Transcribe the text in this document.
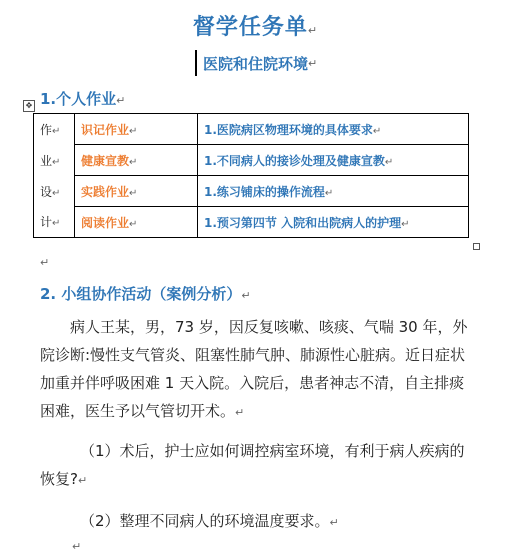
督学任务单↵
医院和住院环境 ↵
✥ 1.个人作业↵
作↵	识记作业↵	1.医院病区物理环境的具体要求↵
业↵	健康宣教↵	1.不同病人的接诊处理及健康宣教↵
设↵	实践作业↵	1.练习铺床的操作流程↵
计↵	阅读作业↵	1.预习第四节 入院和出院病人的护理↵
↵
2. 小组协作活动（案例分析）↵
病人王某，男，73 岁，因反复咳嗽、咳痰、气喘 30 年，外院诊断:慢性支气管炎、阻塞性肺气肿、肺源性心脏病。近日症状加重并伴呼吸困难 1 天入院。入院后，患者神志不清，自主排痰困难，医生予以气管切开术。↵
（1）术后，护士应如何调控病室环境，有利于病人疾病的恢复?↵
（2）整理不同病人的环境温度要求。↵
↵
